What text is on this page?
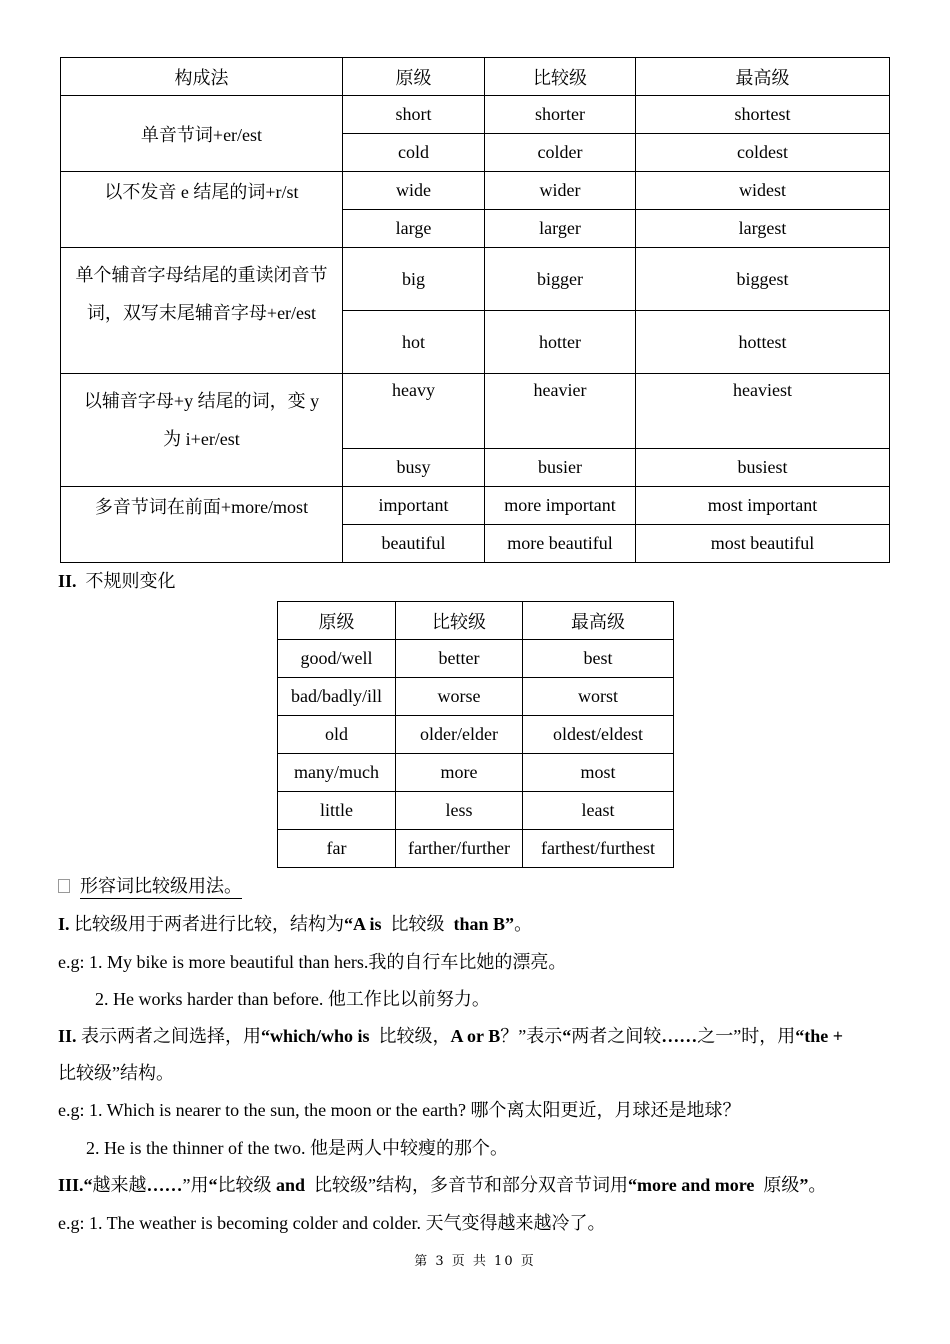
构成法	原级	比较级	最高级
单音节词+er/est	short	shorter	shortest
	cold	colder	coldest
以不发音 e 结尾的词+r/st	wide	wider	widest
	large	larger	largest
单个辅音字母结尾的重读闭音节词，双写末尾辅音字母+er/est	big	bigger	biggest
	hot	hotter	hottest
以辅音字母+y 结尾的词，变 y 为 i+er/est	heavy	heavier	heaviest
	busy	busier	busiest
多音节词在前面+more/most	important	more important	most important
	beautiful	more beautiful	most beautiful
II. 不规则变化
原级	比较级	最高级
good/well	better	best
bad/badly/ill	worse	worst
old	older/elder	oldest/eldest
many/much	more	most
little	less	least
far	farther/further	farthest/furthest
形容词比较级用法。
I. 比较级用于两者进行比较，结构为“A is 比较级 than B”。
e.g: 1. My bike is more beautiful than hers.我的自行车比她的漂亮。
2. He works harder than before. 他工作比以前努力。
II. 表示两者之间选择，用“which/who is 比较级，A or B？”表示“两者之间较……之一”时，用“the +
比较级”结构。
e.g: 1. Which is nearer to the sun, the moon or the earth? 哪个离太阳更近，月球还是地球？
2. He is the thinner of the two. 他是两人中较瘦的那个。
III.“越来越……”用“比较级 and 比较级”结构，多音节和部分双音节词用“more and more 原级”。
e.g: 1. The weather is becoming colder and colder. 天气变得越来越冷了。
第 3 页 共 10 页
